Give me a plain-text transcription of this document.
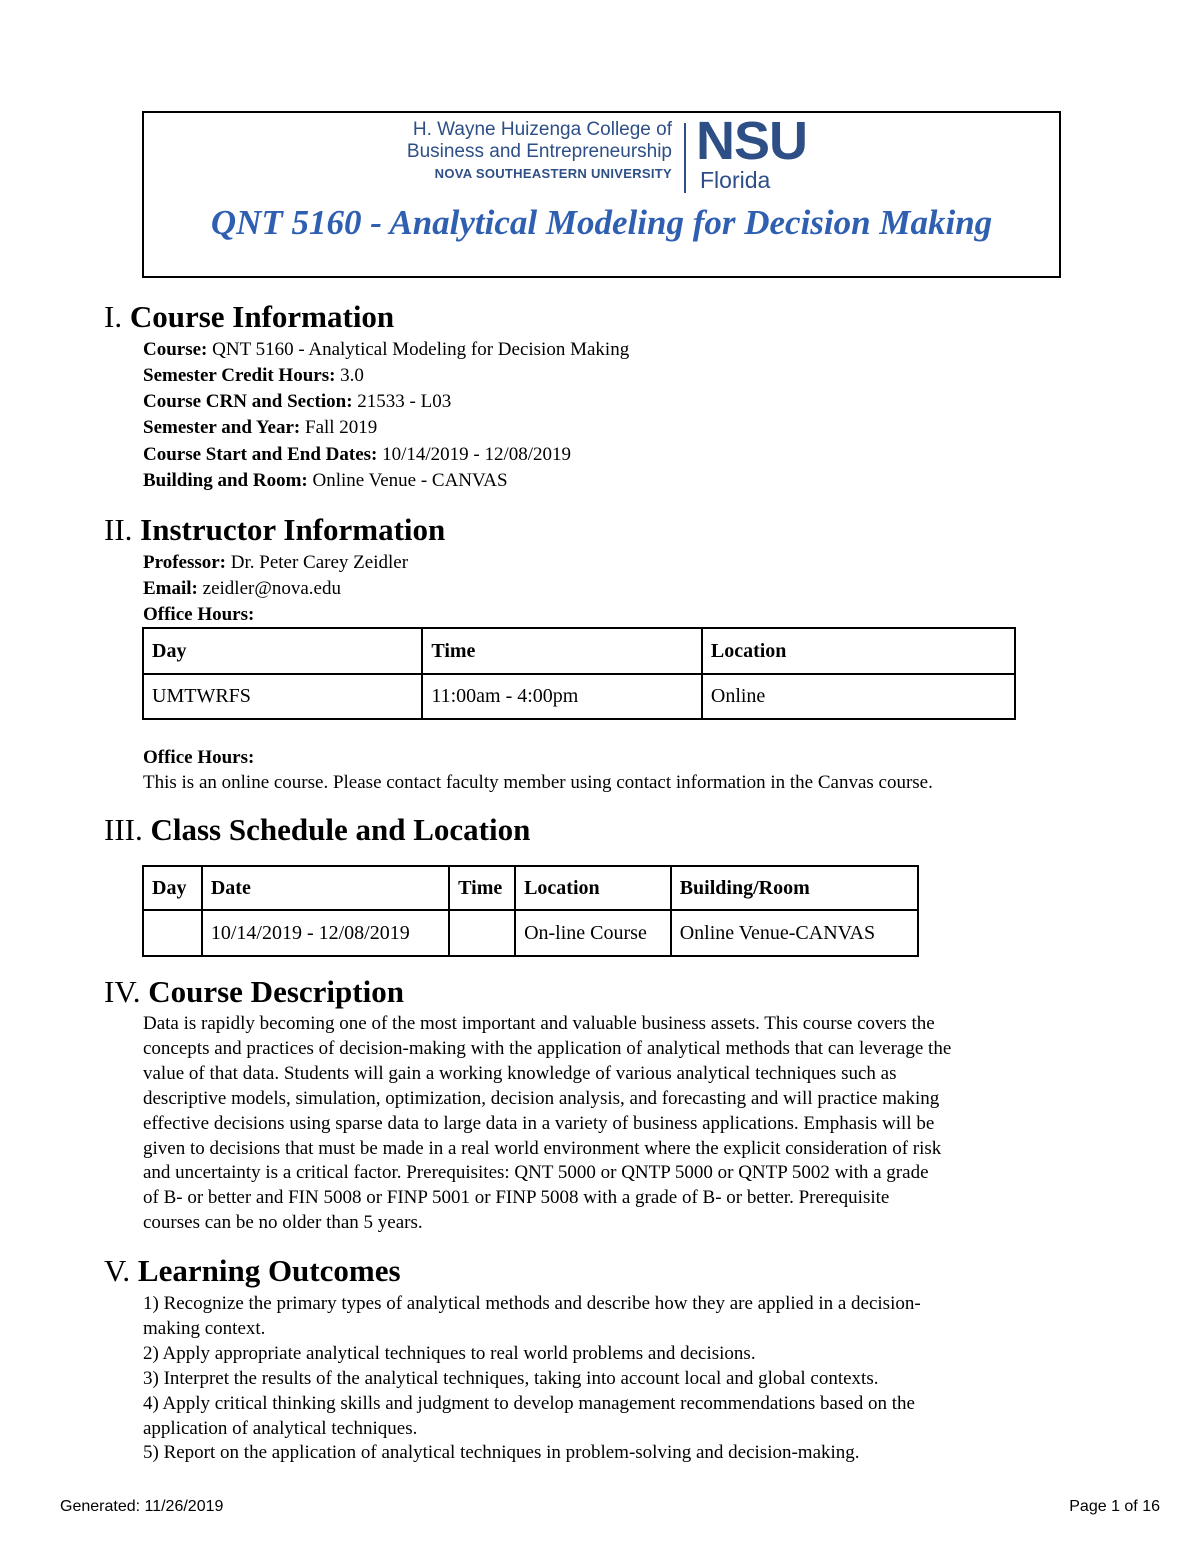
H. Wayne Huizenga College of
Business and Entrepreneurship
NOVA SOUTHEASTERN UNIVERSITY
NSU
Florida
QNT 5160 - Analytical Modeling for Decision Making
I. Course Information
Course: QNT 5160 - Analytical Modeling for Decision Making
Semester Credit Hours: 3.0
Course CRN and Section: 21533 - L03
Semester and Year: Fall 2019
Course Start and End Dates: 10/14/2019 - 12/08/2019
Building and Room: Online Venue - CANVAS
II. Instructor Information
Professor: Dr. Peter Carey Zeidler
Email: zeidler@nova.edu
Office Hours:
Day	Time	Location
UMTWRFS	11:00am - 4:00pm	Online
Office Hours:
This is an online course. Please contact faculty member using contact information in the Canvas course.
III. Class Schedule and Location
Day	Date	Time	Location	Building/Room
	10/14/2019 - 12/08/2019		On-line Course	Online Venue-CANVAS
IV. Course Description
Data is rapidly becoming one of the most important and valuable business assets. This course covers the
concepts and practices of decision-making with the application of analytical methods that can leverage the
value of that data. Students will gain a working knowledge of various analytical techniques such as
descriptive models, simulation, optimization, decision analysis, and forecasting and will practice making
effective decisions using sparse data to large data in a variety of business applications. Emphasis will be
given to decisions that must be made in a real world environment where the explicit consideration of risk
and uncertainty is a critical factor. Prerequisites: QNT 5000 or QNTP 5000 or QNTP 5002 with a grade
of B- or better and FIN 5008 or FINP 5001 or FINP 5008 with a grade of B- or better. Prerequisite
courses can be no older than 5 years.
V. Learning Outcomes
1) Recognize the primary types of analytical methods and describe how they are applied in a decision-
making context.
2) Apply appropriate analytical techniques to real world problems and decisions.
3) Interpret the results of the analytical techniques, taking into account local and global contexts.
4) Apply critical thinking skills and judgment to develop management recommendations based on the
application of analytical techniques.
5) Report on the application of analytical techniques in problem-solving and decision-making.
Generated: 11/26/2019	Page 1 of 16
